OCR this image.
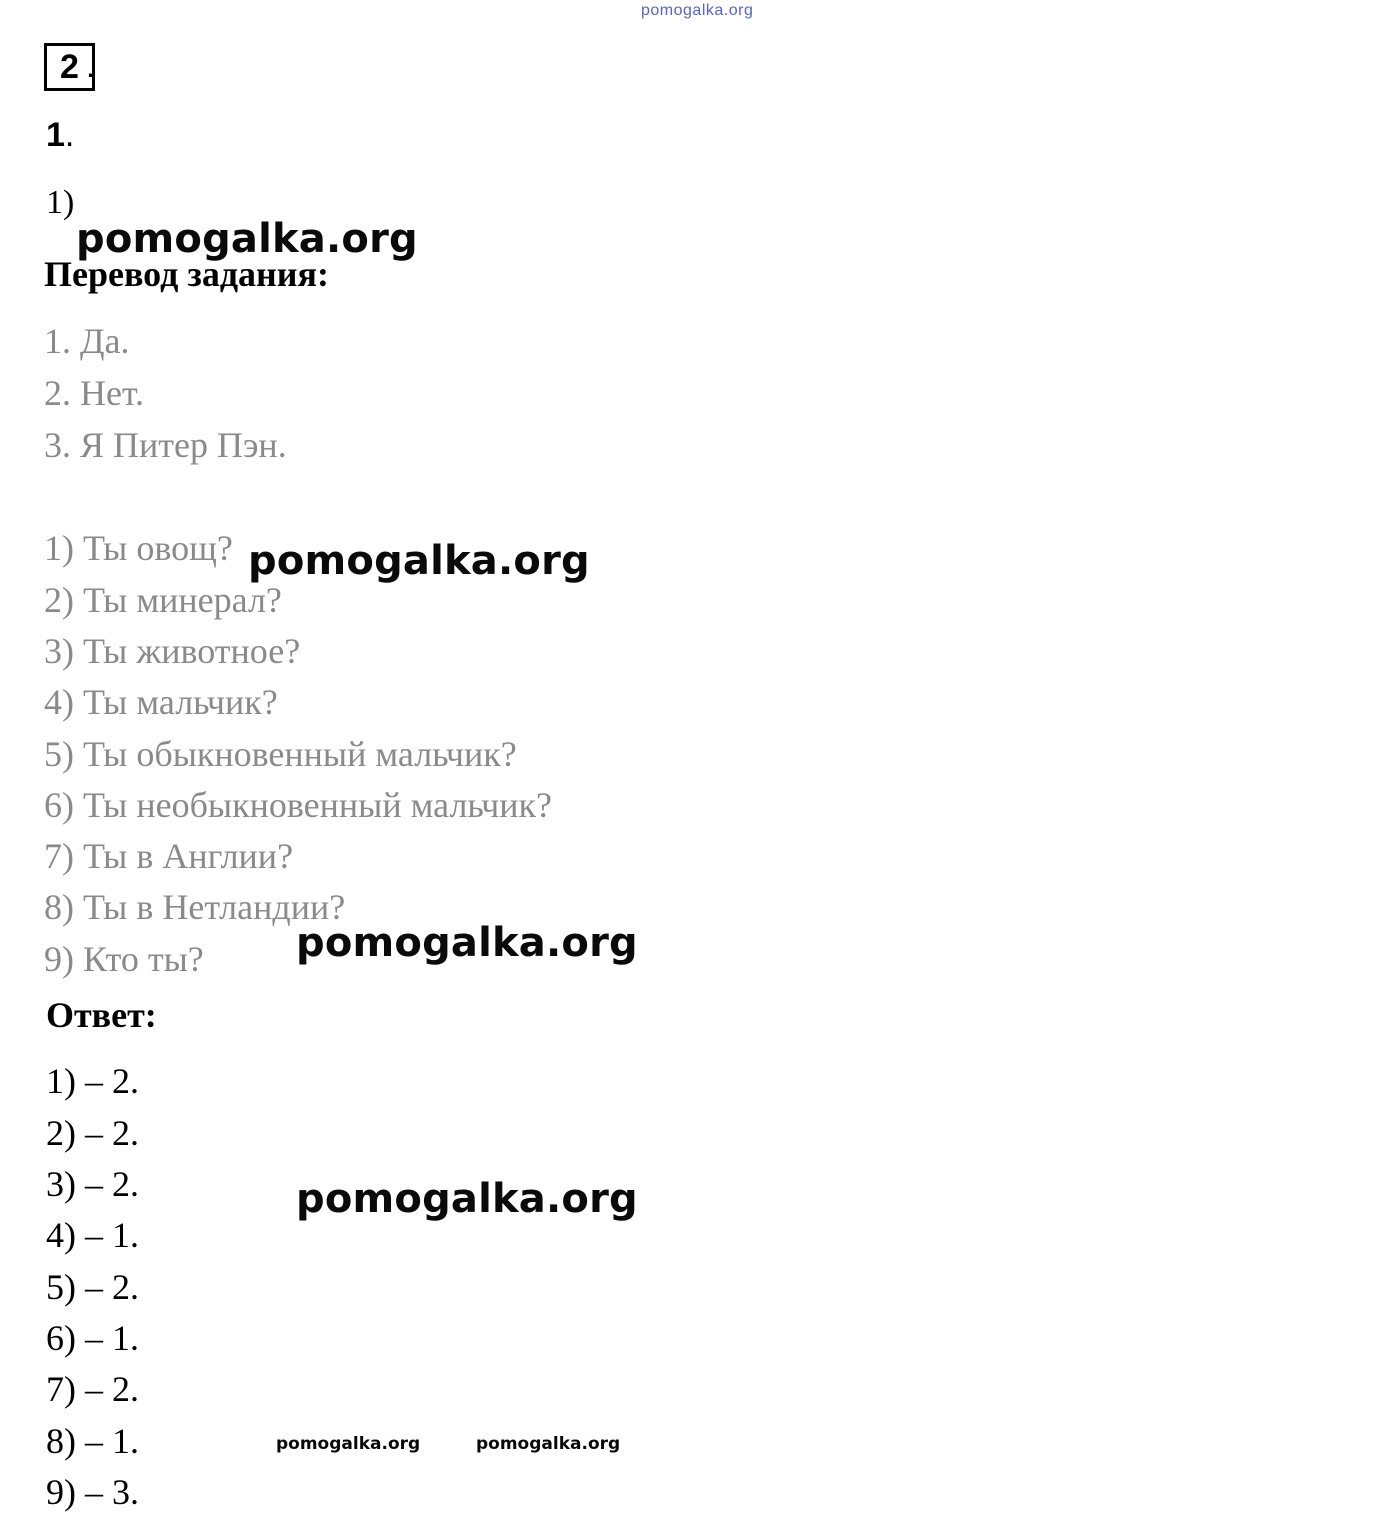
pomogalka.org
2 .
1.
1)
pomogalka.org
Перевод задания:
1. Да.
2. Нет.
3. Я Питер Пэн.
1) Ты овощ?
2) Ты минерал?
3) Ты животное?
4) Ты мальчик?
5) Ты обыкновенный мальчик?
6) Ты необыкновенный мальчик?
7) Ты в Англии?
8) Ты в Нетландии?
9) Кто ты?
pomogalka.org
pomogalka.org
Ответ:
1) – 2.
2) – 2.
3) – 2.
4) – 1.
5) – 2.
6) – 1.
7) – 2.
8) – 1.
9) – 3.
pomogalka.org
pomogalka.org	pomogalka.org
